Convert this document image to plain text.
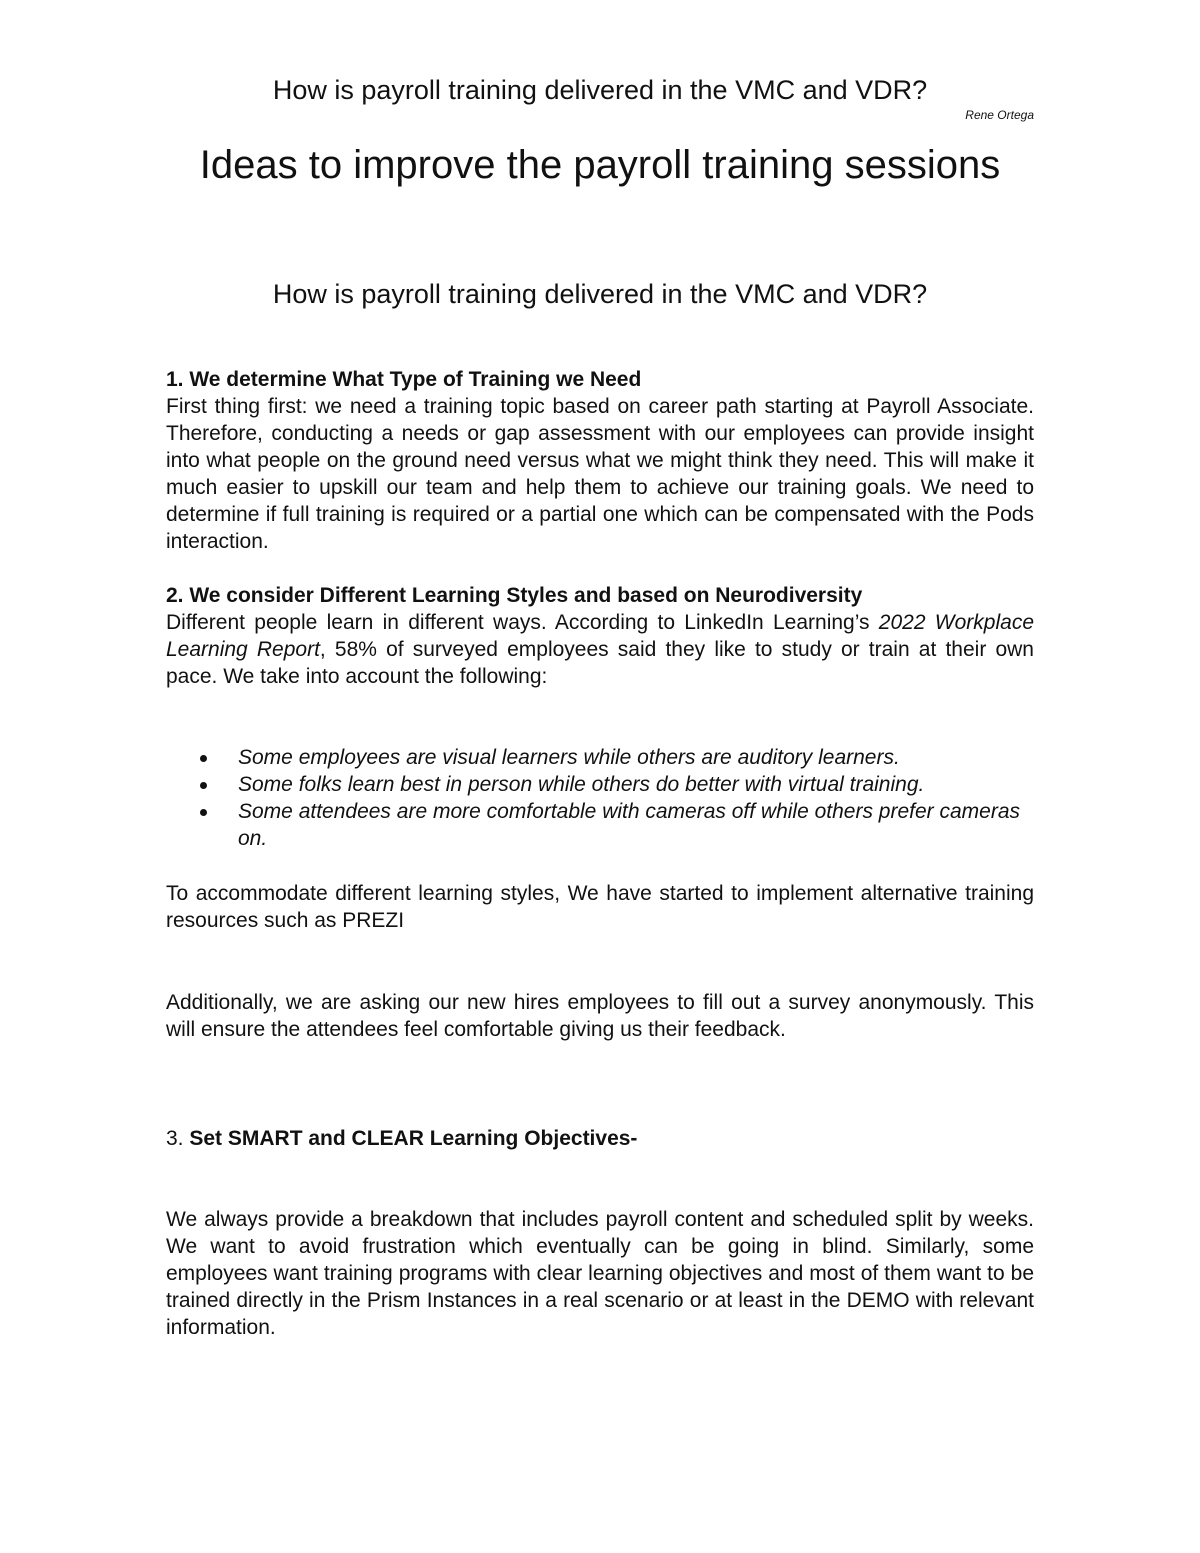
How is payroll training delivered in the VMC and VDR?
Rene Ortega
Ideas to improve the payroll training sessions
How is payroll training delivered in the VMC and VDR?

1. We determine What Type of Training we Need

First thing first: we need a training topic based on career path starting at Payroll Associate. Therefore, conducting a needs or gap assessment with our employees can provide insight into what people on the ground need versus what we might think they need. This will make it much easier to upskill our team and help them to achieve our training goals. We need to determine if full training is required or a partial one which can be compensated with the Pods interaction.

2. We consider Different Learning Styles and based on Neurodiversity

Different people learn in different ways. According to LinkedIn Learning’s 2022 Workplace Learning Report, 58% of surveyed employees said they like to study or train at their own pace. We take into account the following:

Some employees are visual learners while others are auditory learners.
Some folks learn best in person while others do better with virtual training.
Some attendees are more comfortable with cameras off while others prefer cameras on.

To accommodate different learning styles, We have started to implement alternative training resources such as PREZI

Additionally, we are asking our new hires employees to fill out a survey anonymously. This will ensure the attendees feel comfortable giving us their feedback.

3. Set SMART and CLEAR Learning Objectives-

We always provide a breakdown that includes payroll content and scheduled split by weeks. We want to avoid frustration which eventually can be going in blind. Similarly, some employees want training programs with clear learning objectives and most of them want to be trained directly in the Prism Instances in a real scenario or at least in the DEMO with relevant information.
